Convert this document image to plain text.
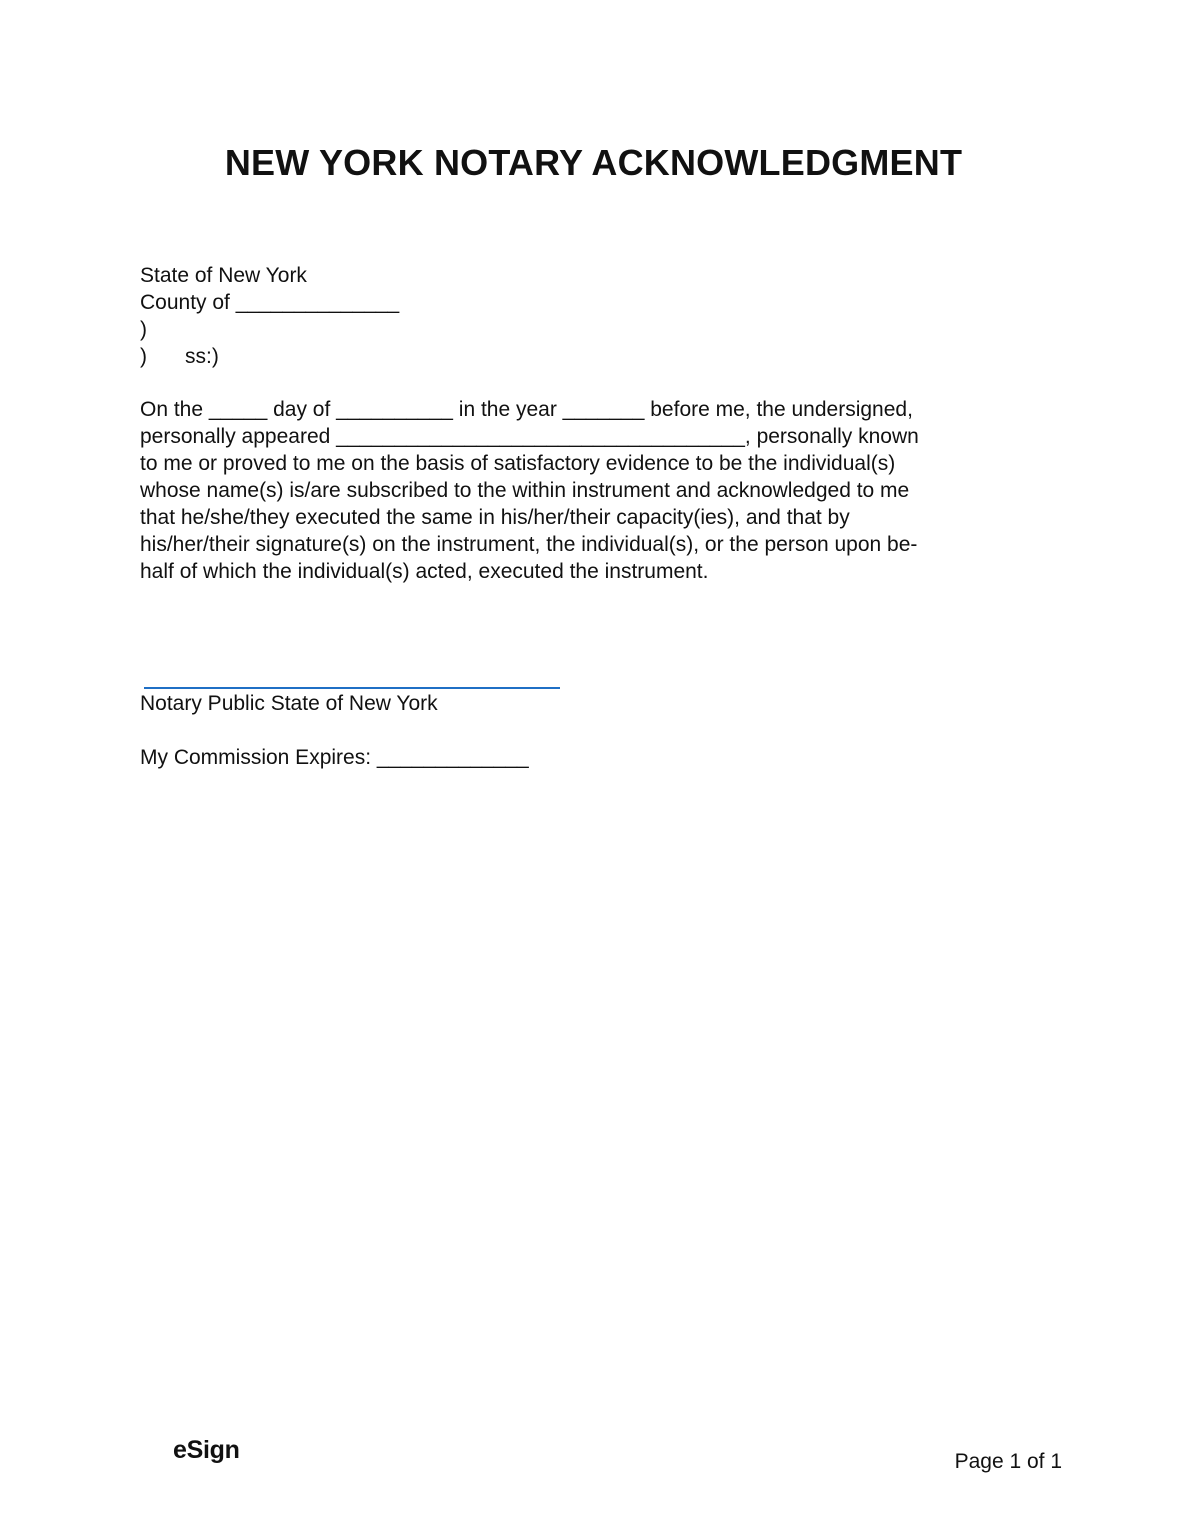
NEW YORK NOTARY ACKNOWLEDGMENT
State of New York
County of ______________
)
) ss:)
On the _____ day of __________ in the year _______ before me, the undersigned,
personally appeared ___________________________________, personally known
to me or proved to me on the basis of satisfactory evidence to be the individual(s)
whose name(s) is/are subscribed to the within instrument and acknowledged to me
that he/she/they executed the same in his/her/their capacity(ies), and that by
his/her/their signature(s) on the instrument, the individual(s), or the person upon be-
half of which the individual(s) acted, executed the instrument.
Notary Public State of New York
My Commission Expires: _____________
eSign	Page 1 of 1
